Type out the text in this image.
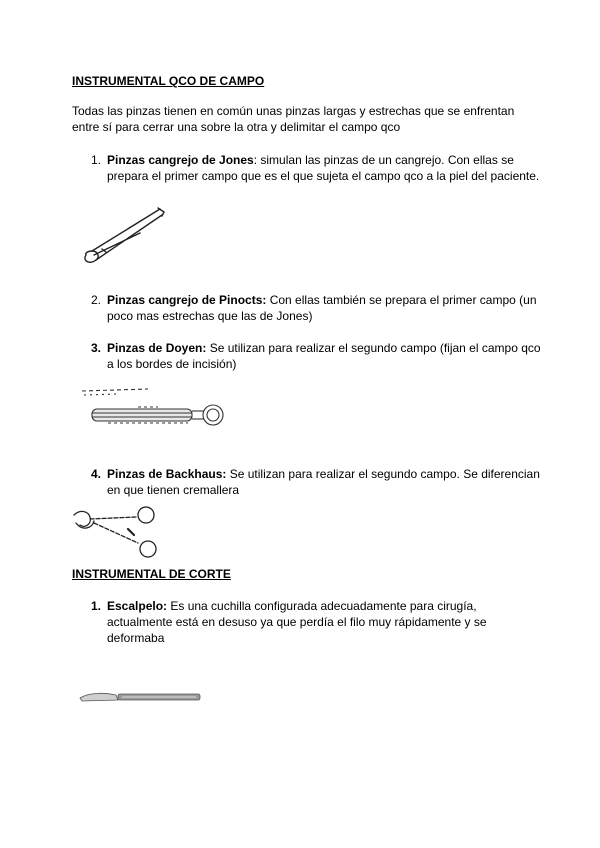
INSTRUMENTAL QCO DE CAMPO
Todas las pinzas tienen en común unas pinzas largas y estrechas que se enfrentan entre sí para cerrar una sobre la otra y delimitar el campo qco
1. Pinzas cangrejo de Jones: simulan las pinzas de un cangrejo. Con ellas se prepara el primer campo que es el que sujeta el campo qco a la piel del paciente.
2. Pinzas cangrejo de Pinocts: Con ellas también se prepara el primer campo (un poco mas estrechas que las de Jones)
3. Pinzas de Doyen: Se utilizan para realizar el segundo campo (fijan el campo qco a los bordes de incisión)
4. Pinzas de Backhaus: Se utilizan para realizar el segundo campo. Se diferencian en que tienen cremallera
INSTRUMENTAL DE CORTE
1. Escalpelo: Es una cuchilla configurada adecuadamente para cirugía, actualmente está en desuso ya que perdía el filo muy rápidamente y se deformaba
